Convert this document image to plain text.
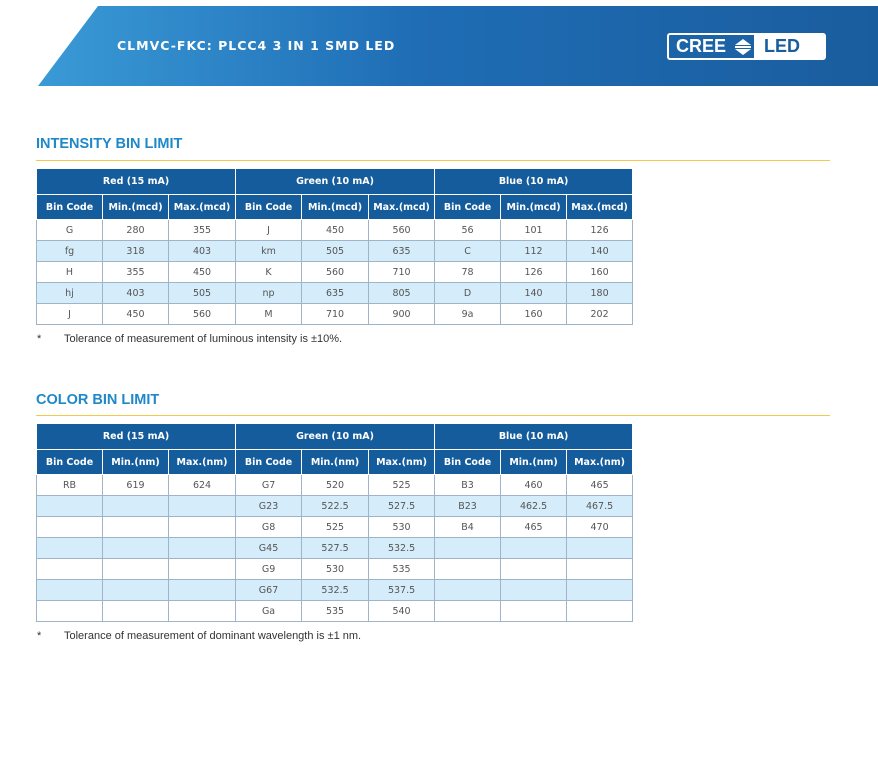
CLMVC-FKC: PLCC4 3 IN 1 SMD LED	CREE	LED
INTENSITY BIN LIMIT
Red (15 mA)			Green (10 mA)			Blue (10 mA)		
Bin Code	Min.(mcd)	Max.(mcd)	Bin Code	Min.(mcd)	Max.(mcd)	Bin Code	Min.(mcd)	Max.(mcd)
G	280	355	J	450	560	56	101	126
fg	318	403	km	505	635	C	112	140
H	355	450	K	560	710	78	126	160
hj	403	505	np	635	805	D	140	180
J	450	560	M	710	900	9a	160	202
* Tolerance of measurement of luminous intensity is ±10%.
COLOR BIN LIMIT
Red (15 mA)			Green (10 mA)			Blue (10 mA)		
Bin Code	Min.(nm)	Max.(nm)	Bin Code	Min.(nm)	Max.(nm)	Bin Code	Min.(nm)	Max.(nm)
RB	619	624	G7	520	525	B3	460	465
			G23	522.5	527.5	B23	462.5	467.5
			G8	525	530	B4	465	470
			G45	527.5	532.5			
			G9	530	535			
			G67	532.5	537.5			
			Ga	535	540			
* Tolerance of measurement of dominant wavelength is ±1 nm.
